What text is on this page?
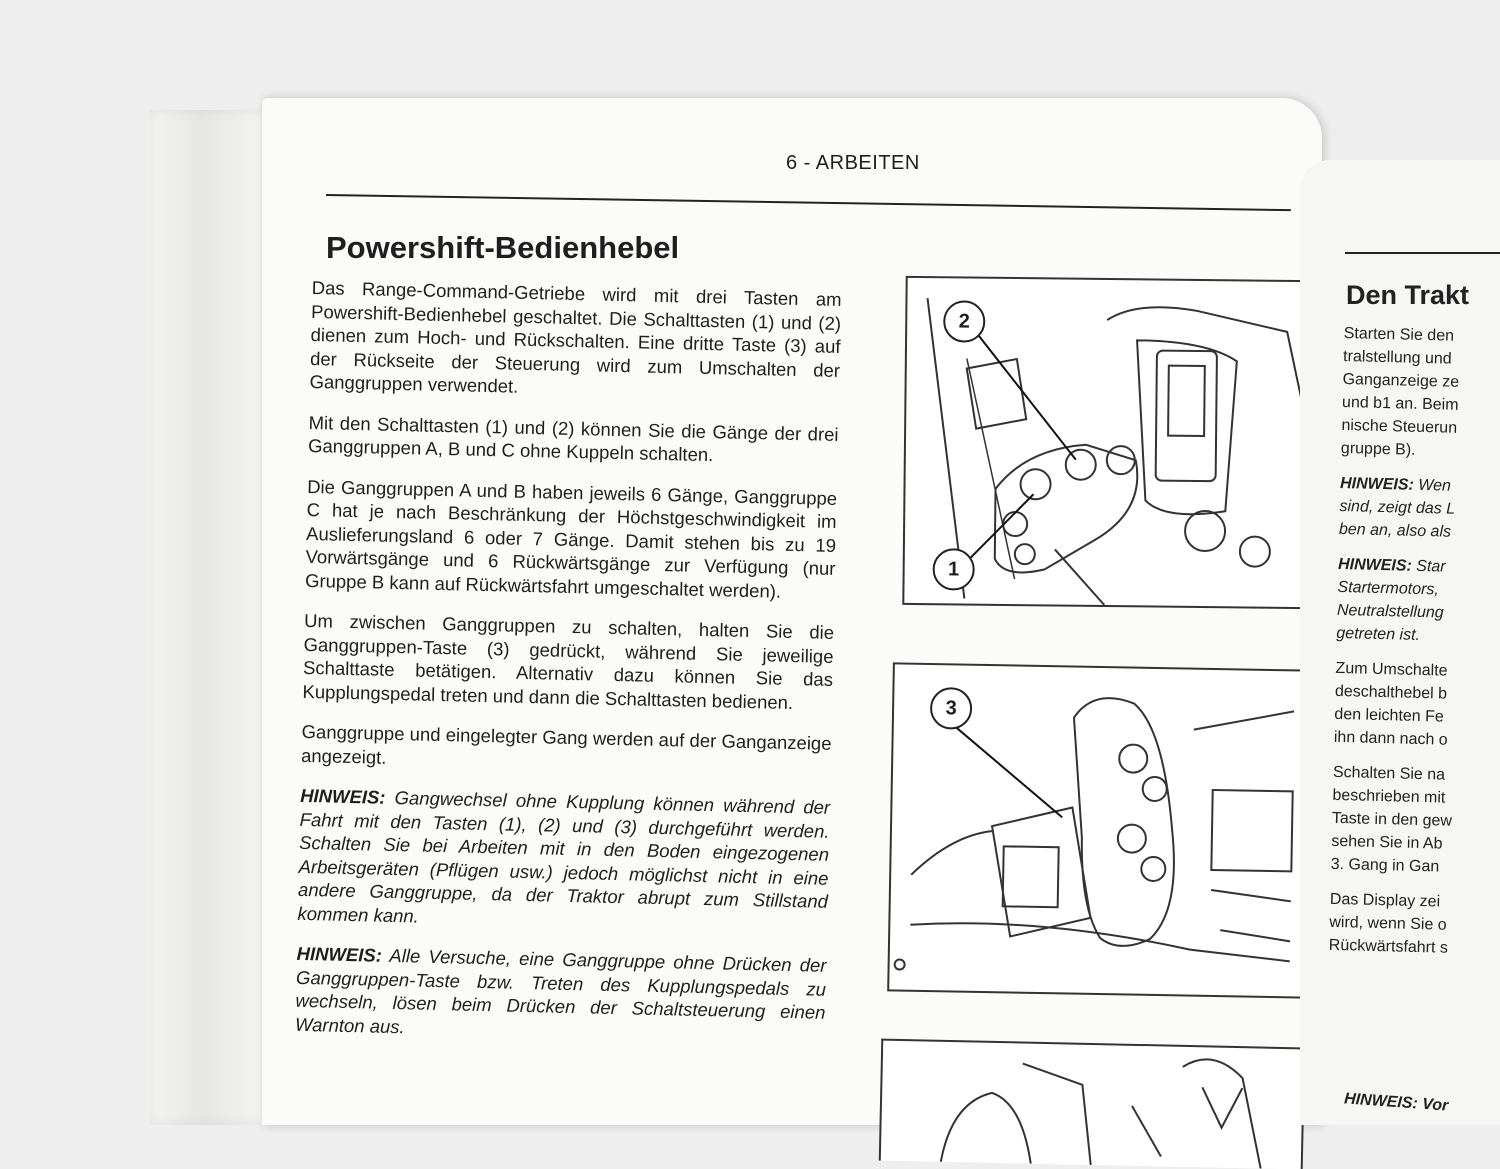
6 - ARBEITEN
Powershift-Bedienhebel

Das Range-Command-Getriebe wird mit drei Tasten am Powershift-Bedienhebel geschaltet. Die Schalttasten (1) und (2) dienen zum Hoch- und Rückschalten. Eine dritte Taste (3) auf der Rückseite der Steuerung wird zum Umschalten der Ganggruppen verwendet.

Mit den Schalttasten (1) und (2) können Sie die Gänge der drei Ganggruppen A, B und C ohne Kuppeln schalten.

Die Ganggruppen A und B haben jeweils 6 Gänge, Ganggruppe C hat je nach Beschränkung der Höchstgeschwindigkeit im Auslieferungsland 6 oder 7 Gänge. Damit stehen bis zu 19 Vorwärtsgänge und 6 Rückwärtsgänge zur Verfügung (nur Gruppe B kann auf Rückwärtsfahrt umgeschaltet werden).

Um zwischen Ganggruppen zu schalten, halten Sie die Ganggruppen-Taste (3) gedrückt, während Sie jeweilige Schalttaste betätigen. Alternativ dazu können Sie das Kupplungspedal treten und dann die Schalttasten bedienen.

Ganggruppe und eingelegter Gang werden auf der Ganganzeige angezeigt.

HINWEIS: Gangwechsel ohne Kupplung können während der Fahrt mit den Tasten (1), (2) und (3) durchgeführt werden. Schalten Sie bei Arbeiten mit in den Boden eingezogenen Arbeitsgeräten (Pflügen usw.) jedoch möglichst nicht in eine andere Ganggruppe, da der Traktor abrupt zum Stillstand kommen kann.

HINWEIS: Alle Versuche, eine Ganggruppe ohne Drücken der Ganggruppen-Taste bzw. Treten des Kupplungspedals zu wechseln, lösen beim Drücken der Schaltsteuerung einen Warnton aus.

2
1
3
Den Trakt
Starten Sie den
tralstellung und
Ganganzeige ze
und b1 an. Beim
nische Steuerun
gruppe B).
HINWEIS: Wen
sind, zeigt das L
ben an, also als
HINWEIS: Star
Startermotors,
Neutralstellung
getreten ist.
Zum Umschalte
deschalthebel b
den leichten Fe
ihn dann nach o
Schalten Sie na
beschrieben mit
Taste in den gew
sehen Sie in Ab
3. Gang in Gan
Das Display zei
wird, wenn Sie o
Rückwärtsfahrt s
HINWEIS: Vor
